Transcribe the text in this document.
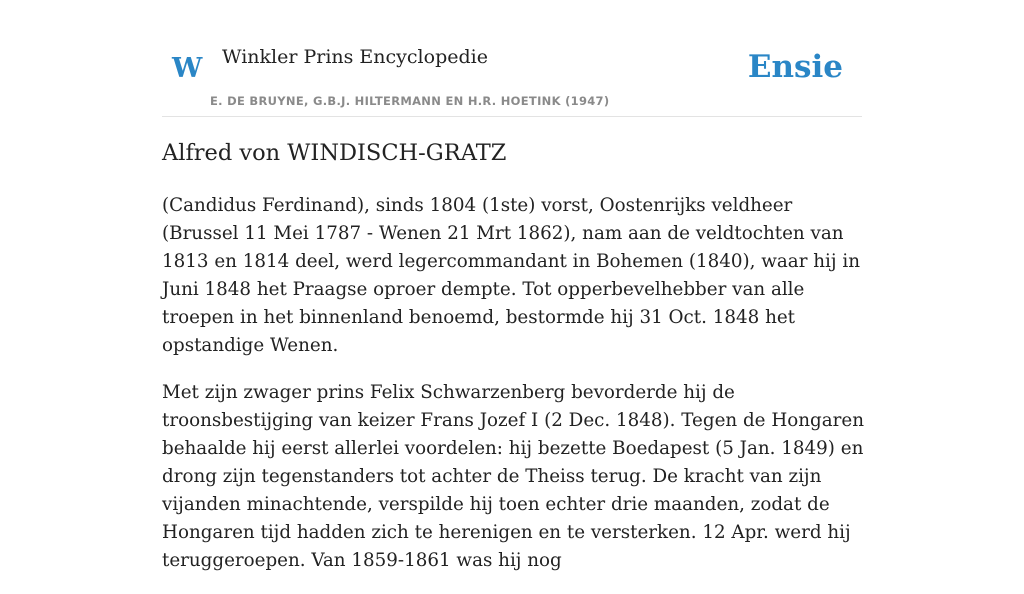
W Winkler Prins Encyclopedie
E. DE BRUYNE, G.B.J. HILTERMANN EN H.R. HOETINK (1947)
Ensie
Alfred von WINDISCH-GRATZ

(Candidus Ferdinand), sinds 1804 (1ste) vorst, Oostenrijks veldheer (Brussel 11 Mei 1787 - Wenen 21 Mrt 1862), nam aan de veldtochten van 1813 en 1814 deel, werd legercommandant in Bohemen (1840), waar hij in Juni 1848 het Praagse oproer dempte. Tot opperbevelhebber van alle troepen in het binnenland benoemd, bestormde hij 31 Oct. 1848 het opstandige Wenen.

Met zijn zwager prins Felix Schwarzenberg bevorderde hij de troonsbestijging van keizer Frans Jozef I (2 Dec. 1848). Tegen de Hongaren behaalde hij eerst allerlei voordelen: hij bezette Boedapest (5 Jan. 1849) en drong zijn tegenstanders tot achter de Theiss terug. De kracht van zijn vijanden minachtende, verspilde hij toen echter drie maanden, zodat de Hongaren tijd hadden zich te herenigen en te versterken. 12 Apr. werd hij teruggeroepen. Van 1859-1861 was hij nog
